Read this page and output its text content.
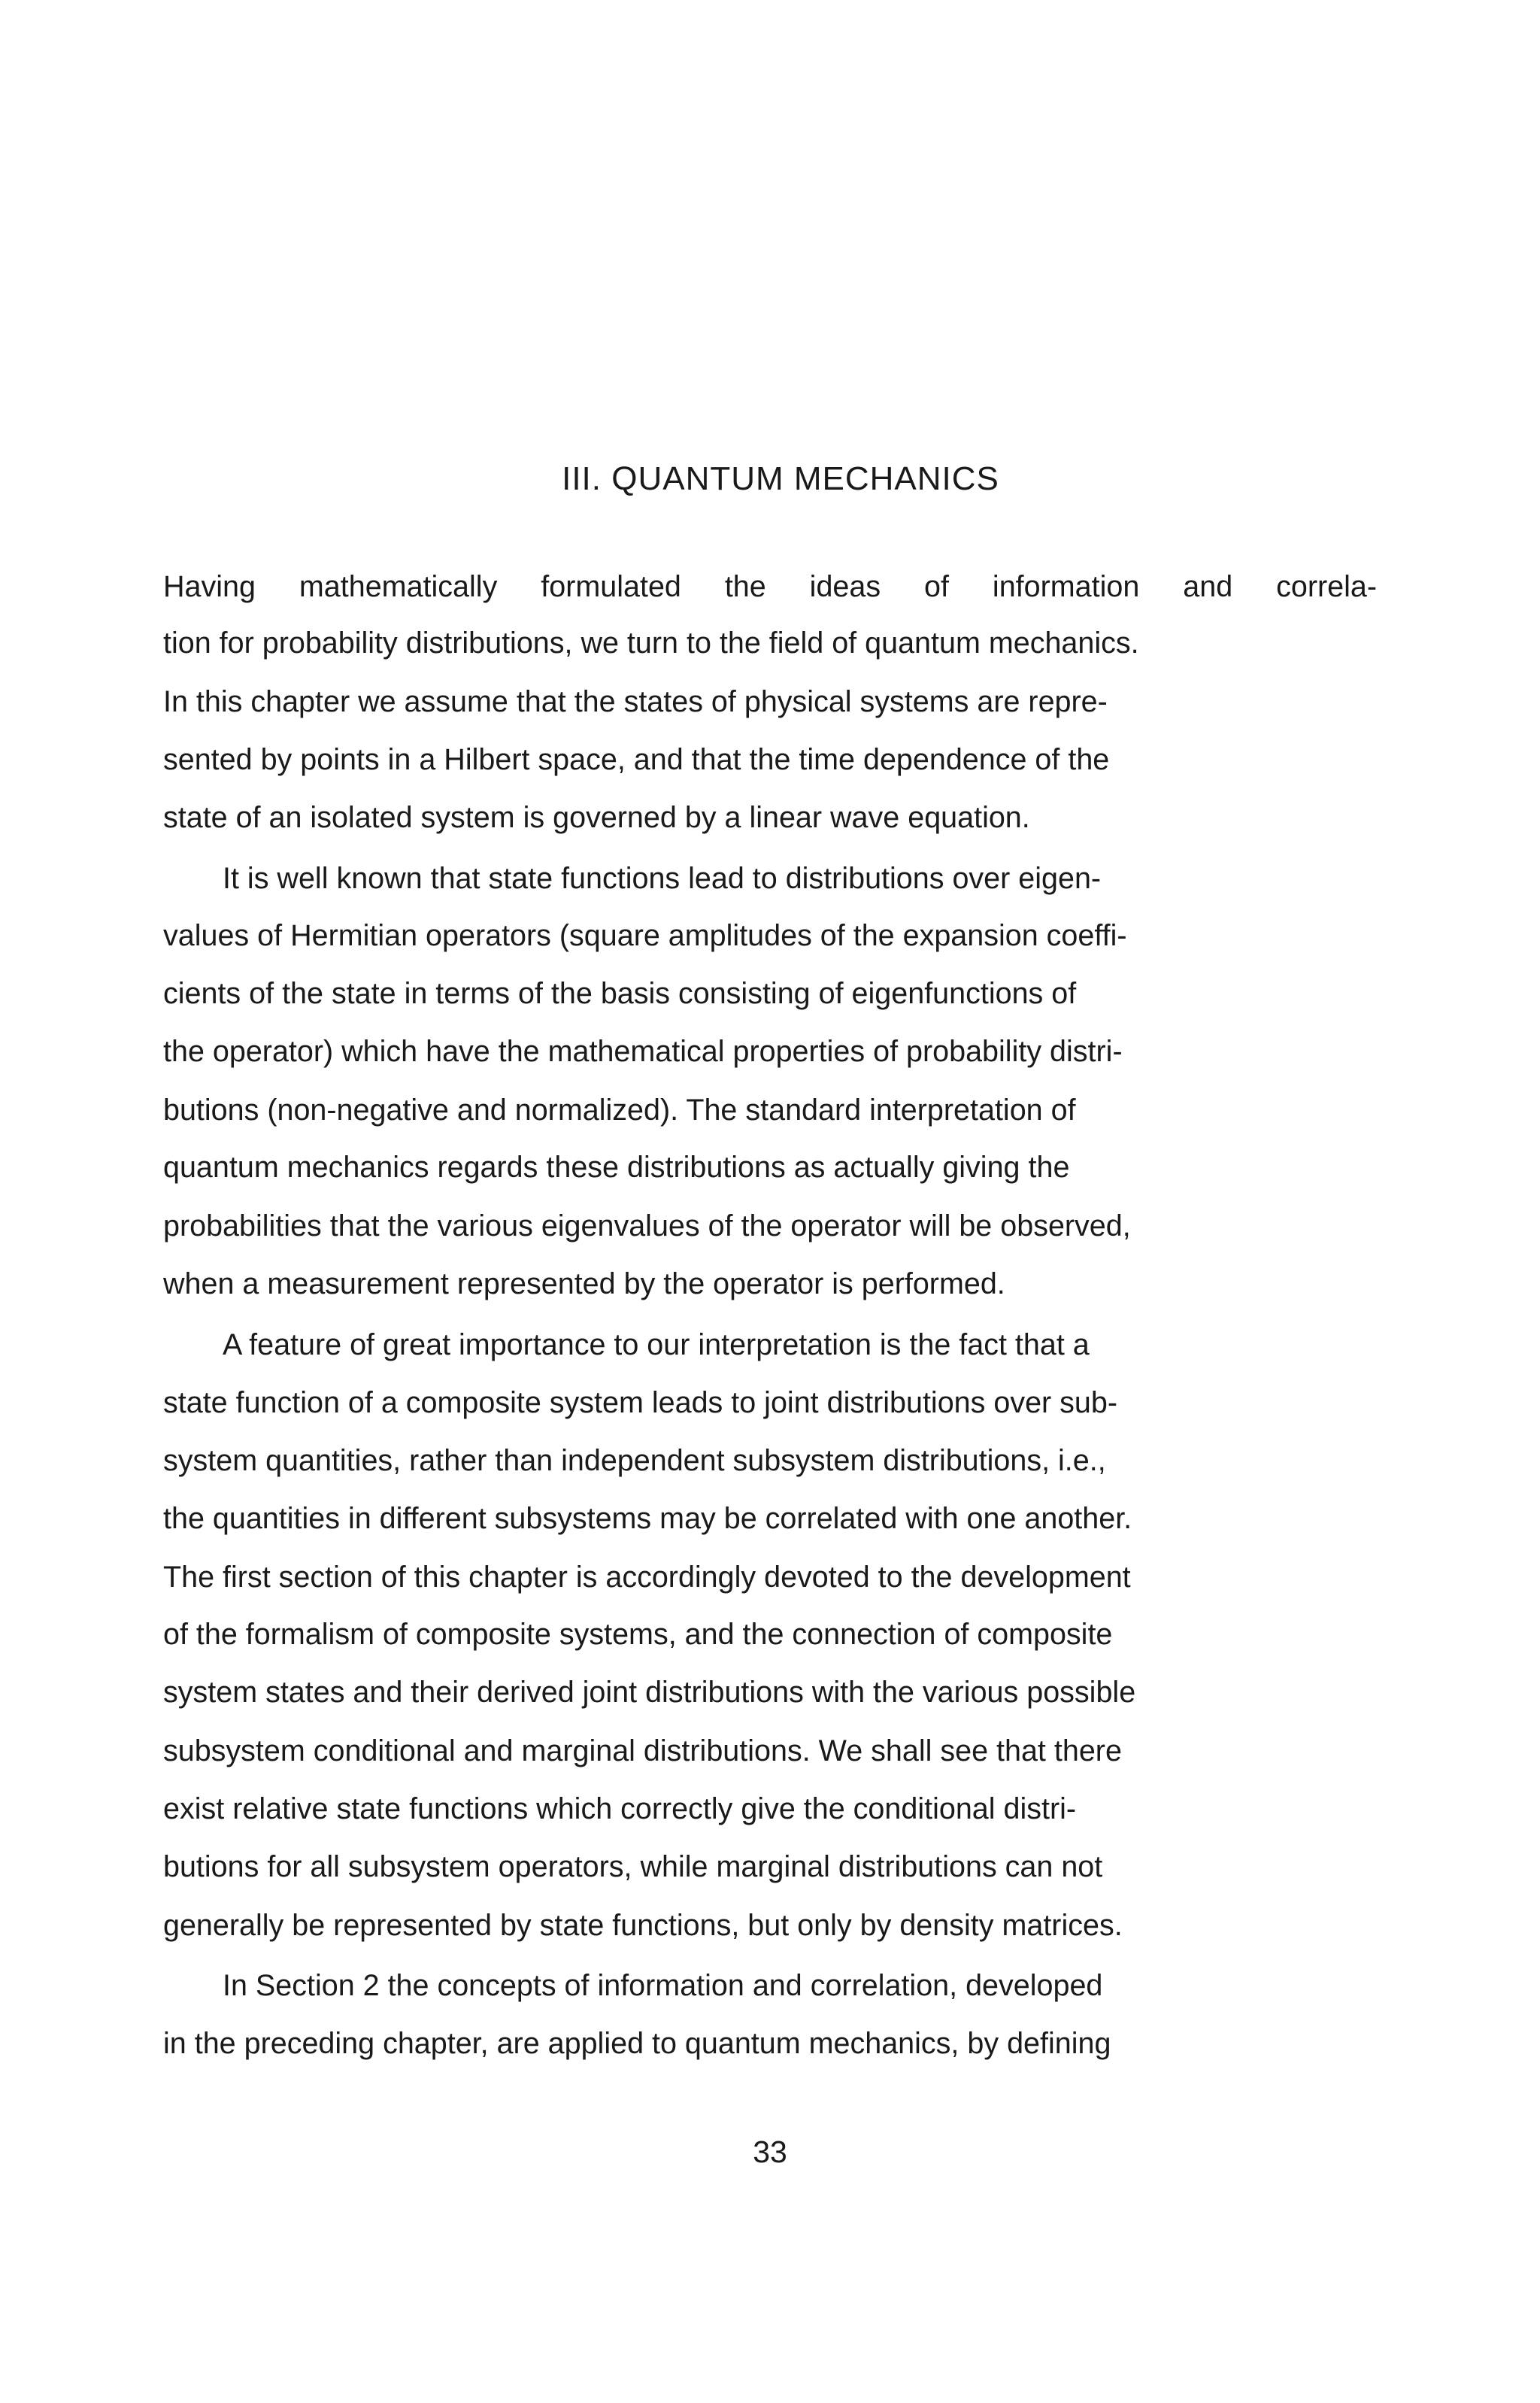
III. QUANTUM MECHANICS
Having mathematically formulated the ideas of information and correla-
tion for probability distributions, we turn to the field of quantum mechanics.
In this chapter we assume that the states of physical systems are repre-
sented by points in a Hilbert space, and that the time dependence of the
state of an isolated system is governed by a linear wave equation.
It is well known that state functions lead to distributions over eigen-
values of Hermitian operators (square amplitudes of the expansion coeffi-
cients of the state in terms of the basis consisting of eigenfunctions of
the operator) which have the mathematical properties of probability distri-
butions (non-negative and normalized). The standard interpretation of
quantum mechanics regards these distributions as actually giving the
probabilities that the various eigenvalues of the operator will be observed,
when a measurement represented by the operator is performed.
A feature of great importance to our interpretation is the fact that a
state function of a composite system leads to joint distributions over sub-
system quantities, rather than independent subsystem distributions, i.e.,
the quantities in different subsystems may be correlated with one another.
The first section of this chapter is accordingly devoted to the development
of the formalism of composite systems, and the connection of composite
system states and their derived joint distributions with the various possible
subsystem conditional and marginal distributions. We shall see that there
exist relative state functions which correctly give the conditional distri-
butions for all subsystem operators, while marginal distributions can not
generally be represented by state functions, but only by density matrices.
In Section 2 the concepts of information and correlation, developed
in the preceding chapter, are applied to quantum mechanics, by defining
33
